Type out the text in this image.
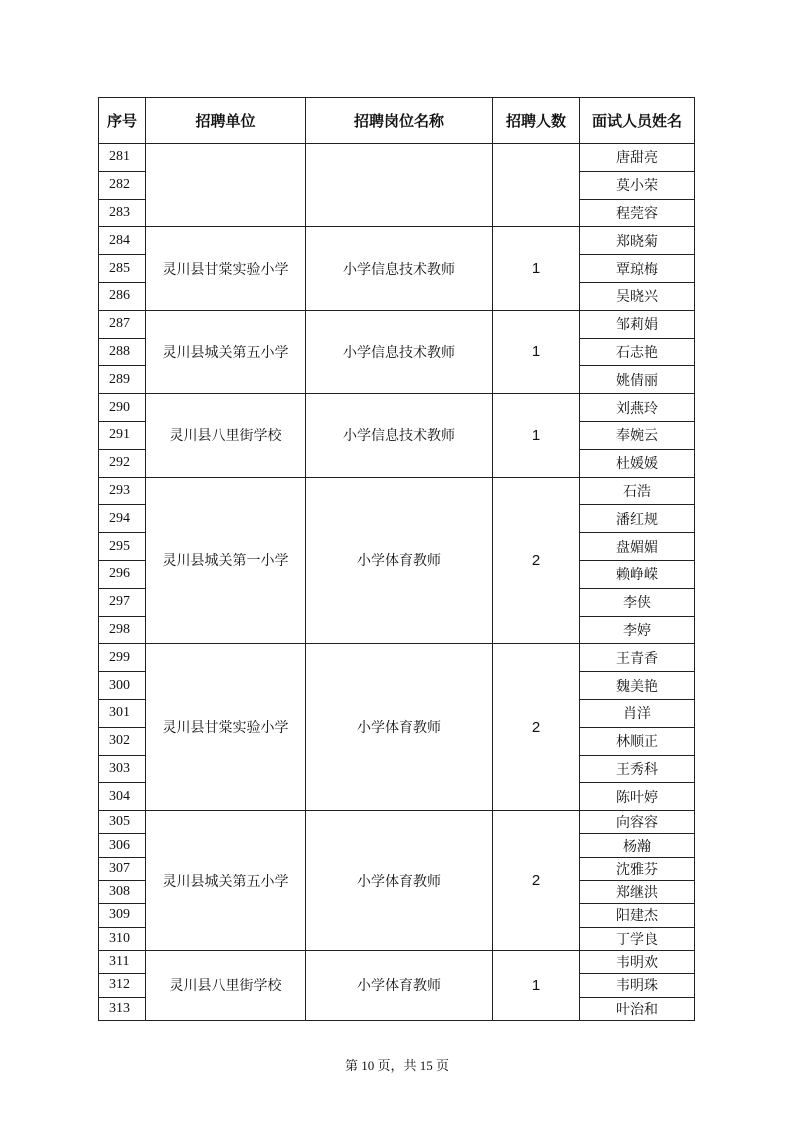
序号	招聘单位	招聘岗位名称	招聘人数	面试人员姓名
281				唐甜亮
282				莫小荣
283				程莞容
284	灵川县甘棠实验小学	小学信息技术教师	1	郑晓菊
285				覃琼梅
286				吴晓兴
287	灵川县城关第五小学	小学信息技术教师	1	邹莉娟
288				石志艳
289				姚倩丽
290	灵川县八里街学校	小学信息技术教师	1	刘燕玲
291				奉婉云
292				杜媛媛
293	灵川县城关第一小学	小学体育教师	2	石浩
294				潘红规
295				盘媚媚
296				赖峥嵘
297				李侠
298				李婷
299	灵川县甘棠实验小学	小学体育教师	2	王青香
300				魏美艳
301				肖洋
302				林顺正
303				王秀科
304				陈叶婷
305	灵川县城关第五小学	小学体育教师	2	向容容
306				杨瀚
307				沈雅芬
308				郑继洪
309				阳建杰
310				丁学良
311	灵川县八里街学校	小学体育教师	1	韦明欢
312				韦明珠
313				叶治和
第 10 页，共 15 页
